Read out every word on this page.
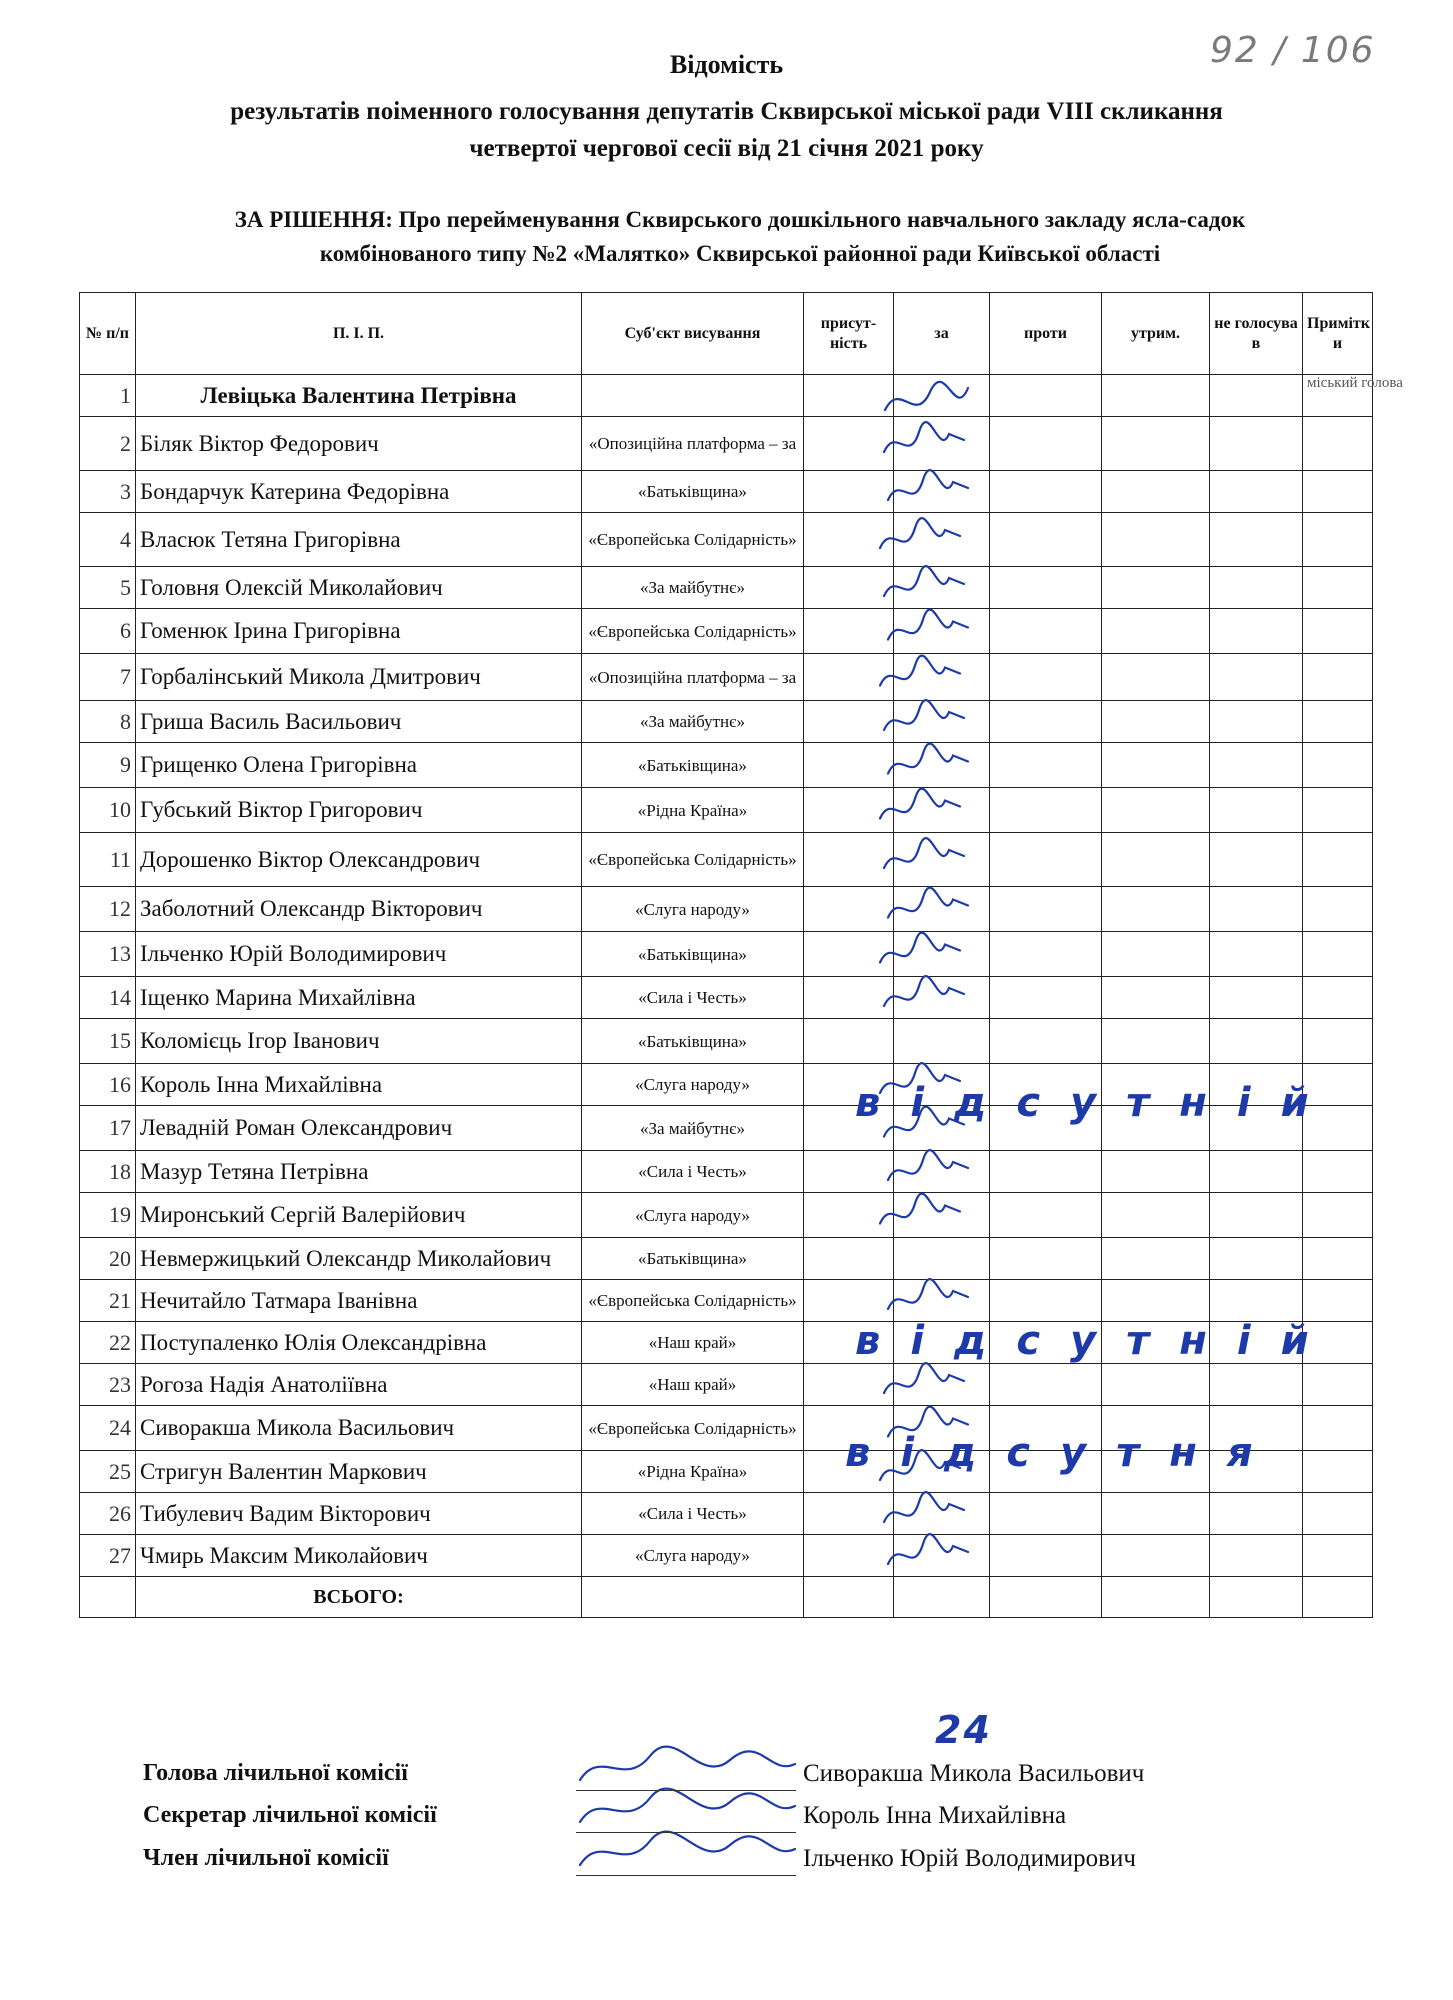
92 / 106
Відомість
результатів поіменного голосування депутатів Сквирської міської ради VIII скликання
четвертої чергової сесії від 21 січня 2021 року
ЗА РІШЕННЯ: Про перейменування Сквирського дошкільного навчального закладу ясла-садок
комбінованого типу №2 «Малятко» Сквирської районної ради Київської області
№ п/п	П. І. П.	Суб'єкт висування	присут-ність	за	проти	утрим.	не голосува в	Примітк и
1	Левіцька Валентина Петрівна							міський голова
2	Біляк Віктор Федорович	«Опозиційна платформа – за						
3	Бондарчук Катерина Федорівна	«Батьківщина»						
4	Власюк Тетяна Григорівна	«Європейська Солідарність»						
5	Головня Олексій Миколайович	«За майбутнє»						
6	Гоменюк Ірина Григорівна	«Європейська Солідарність»						
7	Горбалінський Микола Дмитрович	«Опозиційна платформа – за						
8	Гриша Василь Васильович	«За майбутнє»						
9	Грищенко Олена Григорівна	«Батьківщина»						
10	Губський Віктор Григорович	«Рідна Країна»						
11	Дорошенко Віктор Олександрович	«Європейська Солідарність»						
12	Заболотний Олександр Вікторович	«Слуга народу»						
13	Ільченко Юрій Володимирович	«Батьківщина»						
14	Іщенко Марина Михайлівна	«Сила і Честь»						
15	Коломієць Ігор Іванович	«Батьківщина»						
16	Король Інна Михайлівна	«Слуга народу»						
17	Левадній Роман Олександрович	«За майбутнє»						
18	Мазур Тетяна Петрівна	«Сила і Честь»						
19	Миронський Сергій Валерійович	«Слуга народу»						
20	Невмержицький Олександр Миколайович	«Батьківщина»						
21	Нечитайло Татмара Іванівна	«Європейська Солідарність»						
22	Поступаленко Юлія Олександрівна	«Наш край»						
23	Рогоза Надія Анатоліївна	«Наш край»						
24	Сиворакша Микола Васильович	«Європейська Солідарність»						
25	Стригун Валентин Маркович	«Рідна Країна»						
26	Тибулевич Вадим Вікторович	«Сила і Честь»						
27	Чмирь Максим Миколайович	«Слуга народу»						
	ВСЬОГО:							
відсутній
відсутній
відсутня
24
Голова лічильної комісії	Сиворакша Микола Васильович
Секретар лічильної комісії	Король Інна Михайлівна
Член лічильної комісії	Ільченко Юрій Володимирович
